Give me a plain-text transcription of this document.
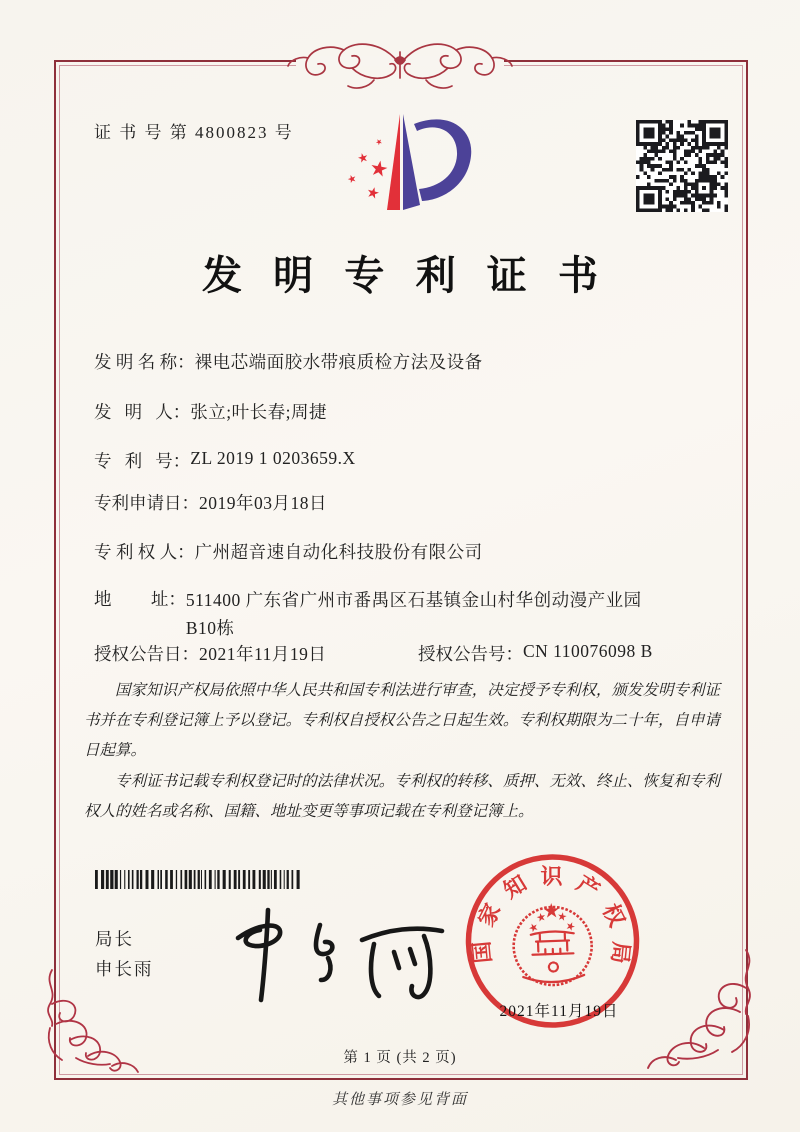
证 书 号 第 4800823 号
发明专利证书
发 明 名 称： 裸电芯端面胶水带痕质检方法及设备
发   明   人： 张立;叶长春;周捷
专   利   号： ZL 2019 1 0203659.X
专利申请日： 2019年03月18日
专 利 权 人： 广州超音速自动化科技股份有限公司
地         址： 511400 广东省广州市番禺区石基镇金山村华创动漫产业园B10栋
授权公告日： 2021年11月19日	授权公告号： CN 110076098 B

国家知识产权局依照中华人民共和国专利法进行审查，决定授予专利权，颁发发明专利证书并在专利登记簿上予以登记。专利权自授权公告之日起生效。专利权期限为二十年，自申请日起算。

专利证书记载专利权登记时的法律状况。专利权的转移、质押、无效、终止、恢复和专利权人的姓名或名称、国籍、地址变更等事项记载在专利登记簿上。

局长
申长雨
国家知识产权局
2021年11月19日
第 1 页 (共 2 页)
其他事项参见背面
